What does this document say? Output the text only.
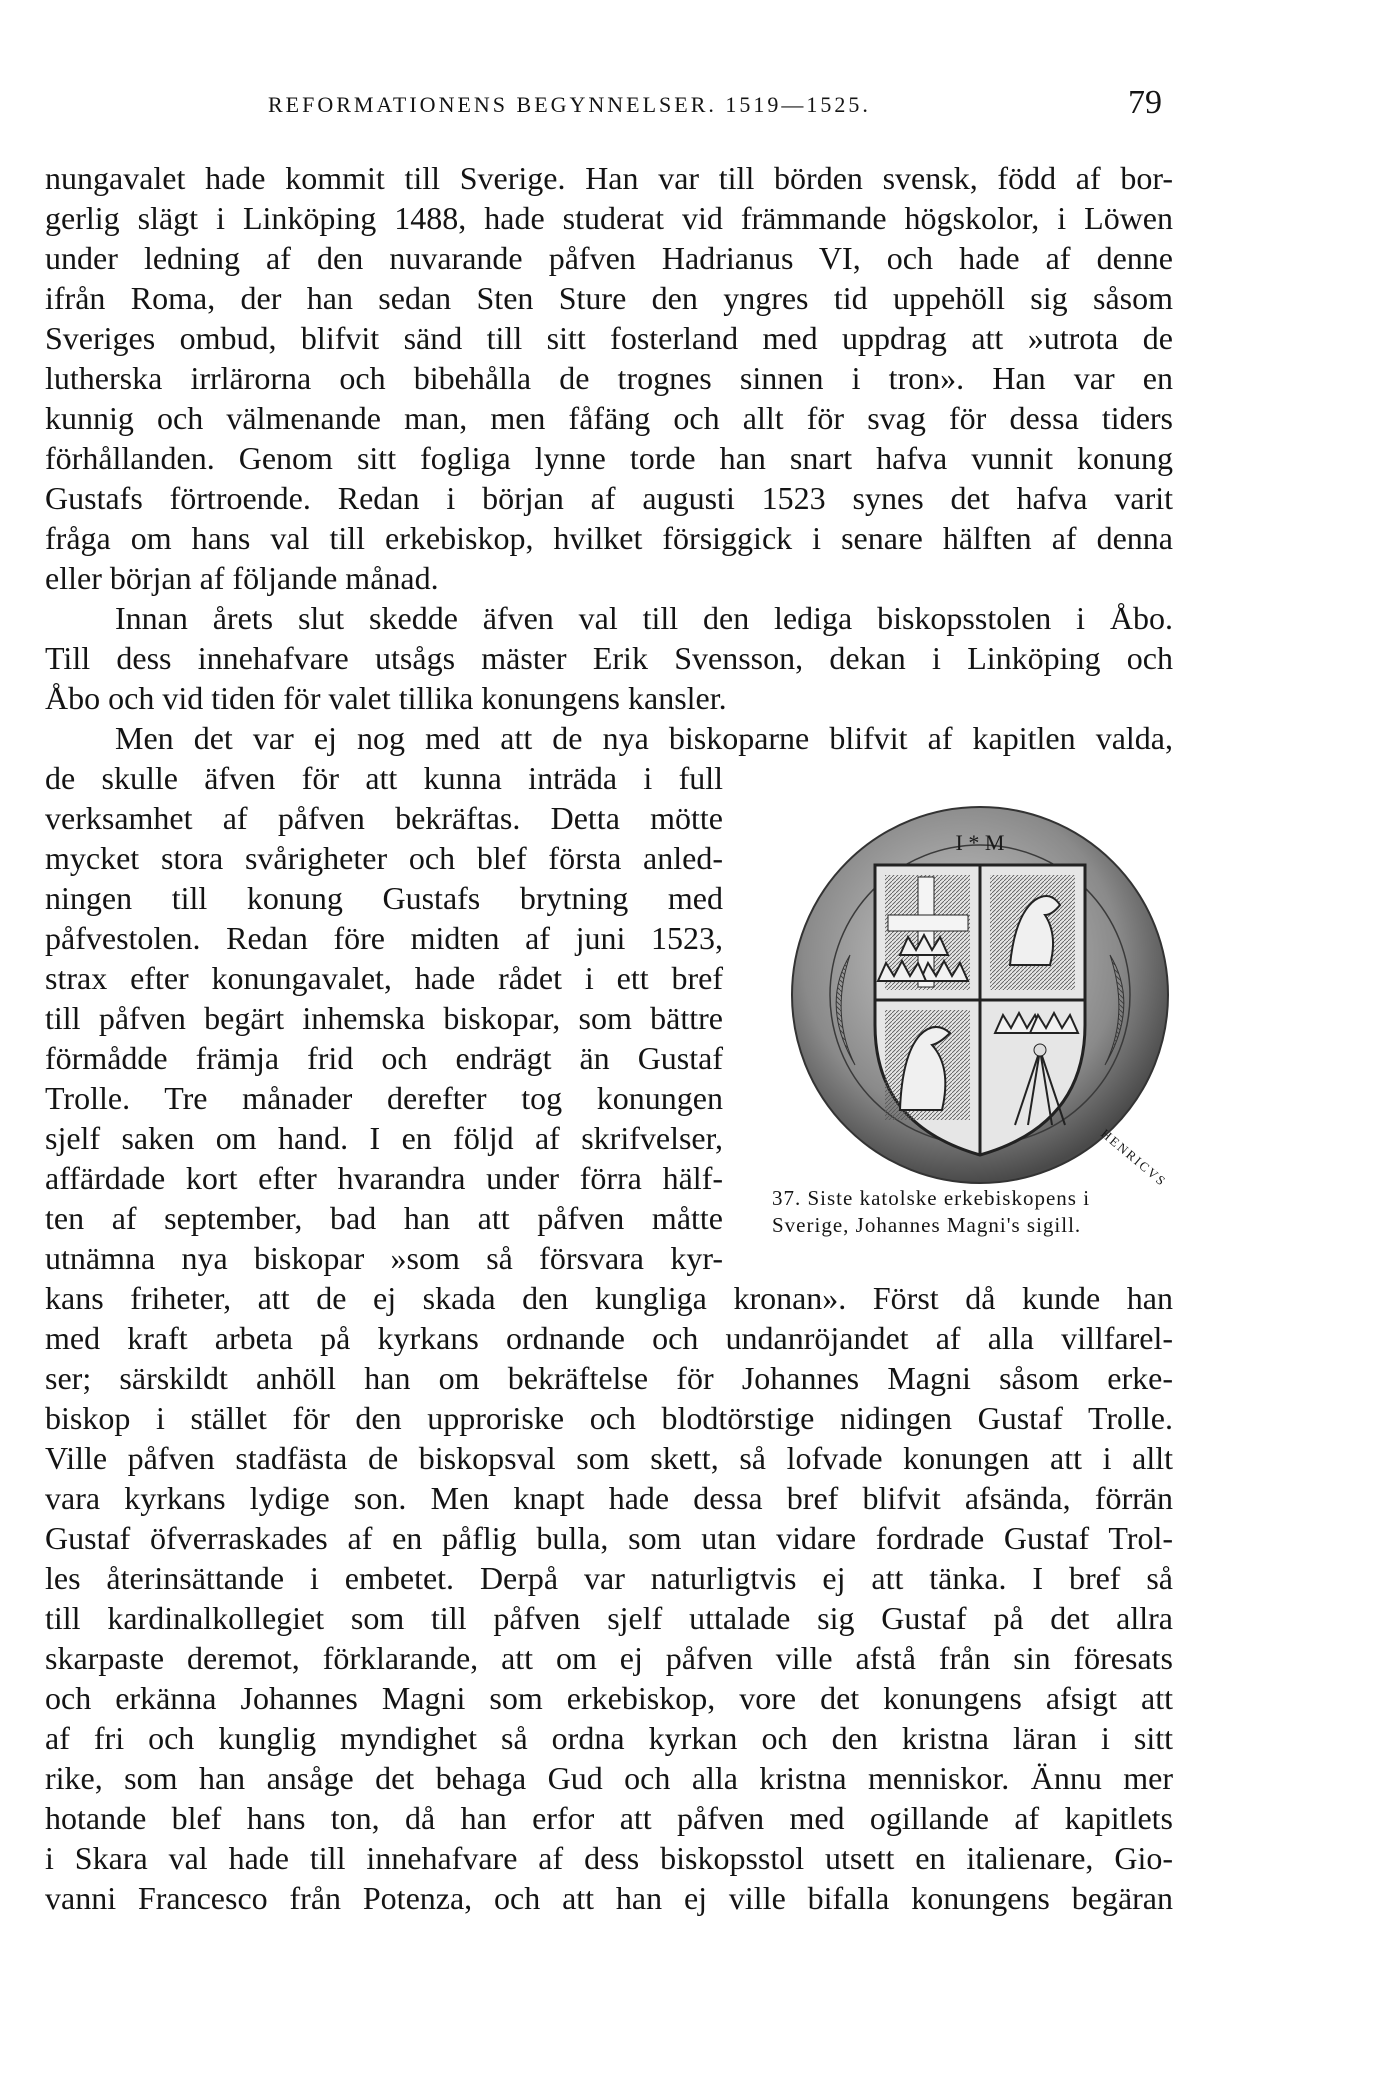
REFORMATIONENS BEGYNNELSER. 1519—1525.	79
nungavalet hade kommit till Sverige. Han var till börden svensk, född af bor-
gerlig slägt i Linköping 1488, hade studerat vid främmande högskolor, i Löwen
under ledning af den nuvarande påfven Hadrianus VI, och hade af denne
ifrån Roma, der han sedan Sten Sture den yngres tid uppehöll sig såsom
Sveriges ombud, blifvit sänd till sitt fosterland med uppdrag att »utrota de
lutherska irrlärorna och bibehålla de trognes sinnen i tron». Han var en
kunnig och välmenande man, men fåfäng och allt för svag för dessa tiders
förhållanden. Genom sitt fogliga lynne torde han snart hafva vunnit konung
Gustafs förtroende. Redan i början af augusti 1523 synes det hafva varit
fråga om hans val till erkebiskop, hvilket försiggick i senare hälften af denna
eller början af följande månad.
Innan årets slut skedde äfven val till den lediga biskopsstolen i Åbo.
Till dess innehafvare utsågs mäster Erik Svensson, dekan i Linköping och
Åbo och vid tiden för valet tillika konungens kansler.
Men det var ej nog med att de nya biskoparne blifvit af kapitlen valda,
de skulle äfven för att kunna inträda i full
verksamhet af påfven bekräftas. Detta mötte
mycket stora svårigheter och blef första anled-
ningen till konung Gustafs brytning med
påfvestolen. Redan före midten af juni 1523,
strax efter konungavalet, hade rådet i ett bref
till påfven begärt inhemska biskopar, som bättre
förmådde främja frid och endrägt än Gustaf
Trolle. Tre månader derefter tog konungen
sjelf saken om hand. I en följd af skrifvelser,
affärdade kort efter hvarandra under förra hälf-
ten af september, bad han att påfven måtte
utnämna nya biskopar »som så försvara kyr-
kans friheter, att de ej skada den kungliga kronan». Först då kunde han
med kraft arbeta på kyrkans ordnande och undanröjandet af alla villfarel-
ser; särskildt anhöll han om bekräftelse för Johannes Magni såsom erke-
biskop i stället för den upproriske och blodtörstige nidingen Gustaf Trolle.
Ville påfven stadfästa de biskopsval som skett, så lofvade konungen att i allt
vara kyrkans lydige son. Men knapt hade dessa bref blifvit afsända, förrän
Gustaf öfverraskades af en påflig bulla, som utan vidare fordrade Gustaf Trol-
les återinsättande i embetet. Derpå var naturligtvis ej att tänka. I bref så
till kardinalkollegiet som till påfven sjelf uttalade sig Gustaf på det allra
skarpaste deremot, förklarande, att om ej påfven ville afstå från sin föresats
och erkänna Johannes Magni som erkebiskop, vore det konungens afsigt att
af fri och kunglig myndighet så ordna kyrkan och den kristna läran i sitt
rike, som han ansåge det behaga Gud och alla kristna menniskor. Ännu mer
hotande blef hans ton, då han erfor att påfven med ogillande af kapitlets
i Skara val hade till innehafvare af dess biskopsstol utsett en italienare, Gio-
vanni Francesco från Potenza, och att han ej ville bifalla konungens begäran
I * M
HENRICVS
37. Siste katolske erkebiskopens i
Sverige, Johannes Magni's sigill.
